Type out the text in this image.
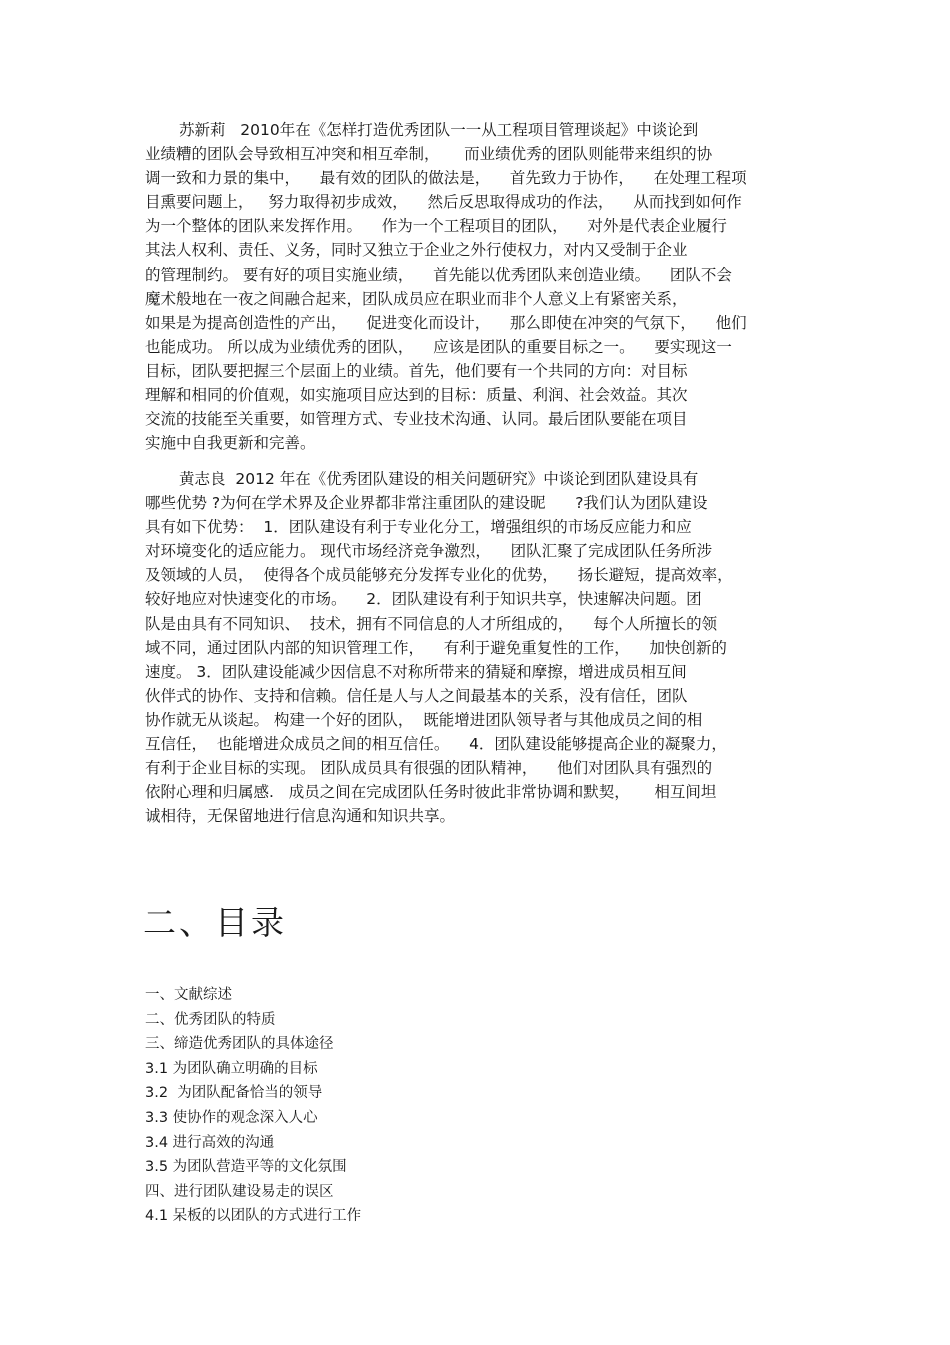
苏新莉   2010年在《怎样打造优秀团队一一从工程项目管理谈起》中谈论到
业绩糟的团队会导致相互冲突和相互牵制，     而业绩优秀的团队则能带来组织的协
调一致和力景的集中，    最有效的团队的做法是，    首先致力于协作，    在处理工程项
目熏要问题上，   努力取得初步成效，    然后反思取得成功的作法，    从而找到如何作
为一个整体的团队来发挥作用。    作为一个工程项目的团队，    对外是代表企业履行
其法人权利、责任、义务，同时又独立于企业之外行使权力，对内又受制于企业
的管理制约。 要有好的项目实施业绩，    首先能以优秀团队来创造业绩。    团队不会
魔术般地在一夜之间融合起来，团队成员应在职业而非个人意义上有紧密关系，
如果是为提高创造性的产出，    促进变化而设计，    那么即使在冲突的气氛下，    他们
也能成功。 所以成为业绩优秀的团队，    应该是团队的重要目标之一。    要实现这一
目标，团队要把握三个层面上的业绩。首先，他们要有一个共同的方向：对目标
理解和相同的价值观，如实施项目应达到的目标：质量、利润、社会效益。其次
交流的技能至关重要，如管理方式、专业技术沟通、认同。最后团队要能在项目
实施中自我更新和完善。
黄志良  2012 年在《优秀团队建设的相关问题研究》中谈论到团队建设具有
哪些优势 ?为何在学术界及企业界都非常注重团队的建设昵      ?我们认为团队建设
具有如下优势：  1．团队建设有利于专业化分工，增强组织的市场反应能力和应
对环境变化的适应能力。 现代市场经济竞争激烈，    团队汇聚了完成团队任务所涉
及领域的人员，  使得各个成员能够充分发挥专业化的优势，    扬长避短，提高效率，
较好地应对快速变化的市场。    2．团队建设有利于知识共享，快速解决问题。团
队是由具有不同知识、  技术，拥有不同信息的人才所组成的，    每个人所擅长的领
域不同，通过团队内部的知识管理工作，    有利于避免重复性的工作，    加快创新的
速度。 3．团队建设能减少因信息不对称所带来的猜疑和摩擦，增进成员相互间
伙伴式的协作、支持和信赖。信任是人与人之间最基本的关系，没有信任，团队
协作就无从谈起。 构建一个好的团队，  既能增进团队领导者与其他成员之间的相
互信任，  也能增进众成员之间的相互信任。    4．团队建设能够提高企业的凝聚力，
有利于企业目标的实现。 团队成员具有很强的团队精神，    他们对团队具有强烈的
依附心理和归属感.   成员之间在完成团队任务时彼此非常协调和默契，     相互间坦
诚相待，无保留地进行信息沟通和知识共享。
二、目录
一、文献综述
二、优秀团队的特质
三、缔造优秀团队的具体途径
3.1 为团队确立明确的目标
3.2  为团队配备恰当的领导
3.3 使协作的观念深入人心
3.4 进行高效的沟通
3.5 为团队营造平等的文化氛围
四、进行团队建设易走的误区
4.1 呆板的以团队的方式进行工作
